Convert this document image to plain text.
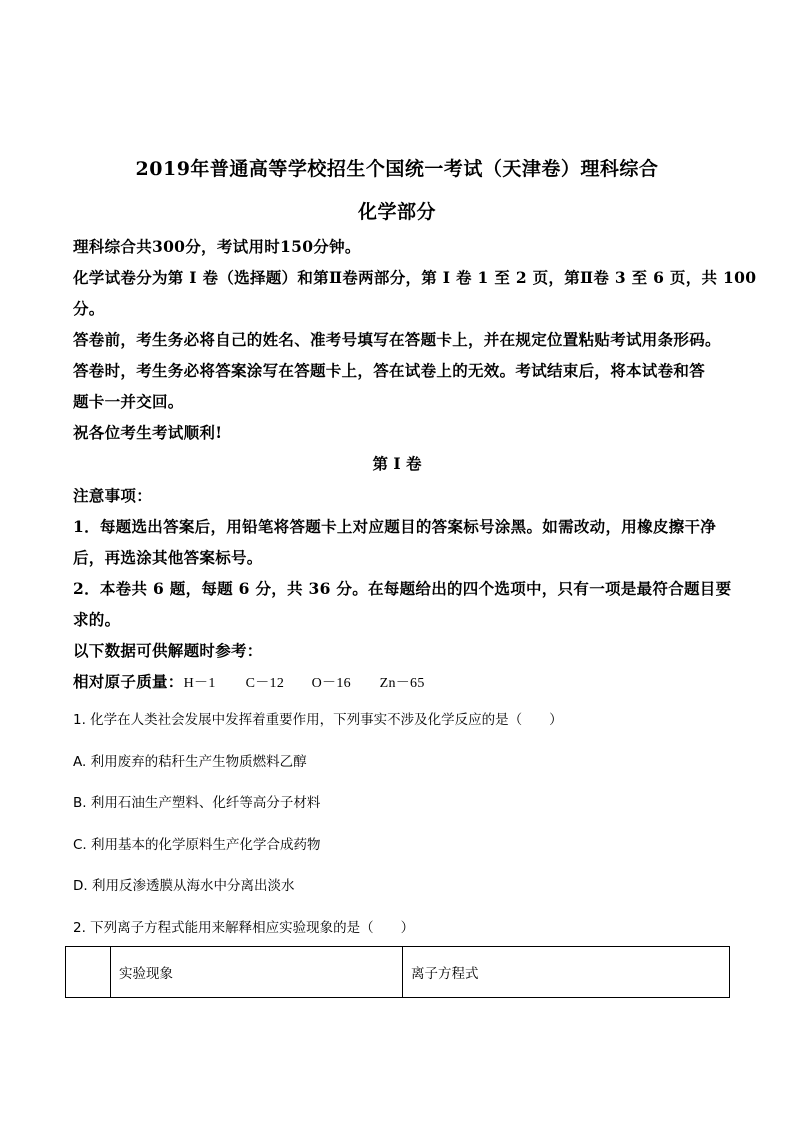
2019年普通高等学校招生个国统一考试（天津卷）理科综合
化学部分
理科综合共300分，考试用时150分钟。
化学试卷分为第 I 卷（选择题）和第Ⅱ卷两部分，第 I 卷 1 至 2 页，第Ⅱ卷 3 至 6 页，共 100
分。
答卷前，考生务必将自己的姓名、准考号填写在答题卡上，并在规定位置粘贴考试用条形码。
答卷时，考生务必将答案涂写在答题卡上，答在试卷上的无效。考试结束后，将本试卷和答
题卡一并交回。
祝各位考生考试顺利!
第 I 卷
注意事项：
1．每题选出答案后，用铅笔将答题卡上对应题目的答案标号涂黑。如需改动，用橡皮擦干净
后，再选涂其他答案标号。
2．本卷共 6 题，每题 6 分，共 36 分。在每题给出的四个选项中，只有一项是最符合题目要
求的。
以下数据可供解题时参考：
相对原子质量：H－1 C－12 O－16 Zn－65
1. 化学在人类社会发展中发挥着重要作用，下列事实不涉及化学反应的是（　　）
A. 利用废弃的秸秆生产生物质燃料乙醇
B. 利用石油生产塑料、化纤等高分子材料
C. 利用基本的化学原料生产化学合成药物
D. 利用反渗透膜从海水中分离出淡水
2. 下列离子方程式能用来解释相应实验现象的是（　　）
	实验现象	离子方程式
